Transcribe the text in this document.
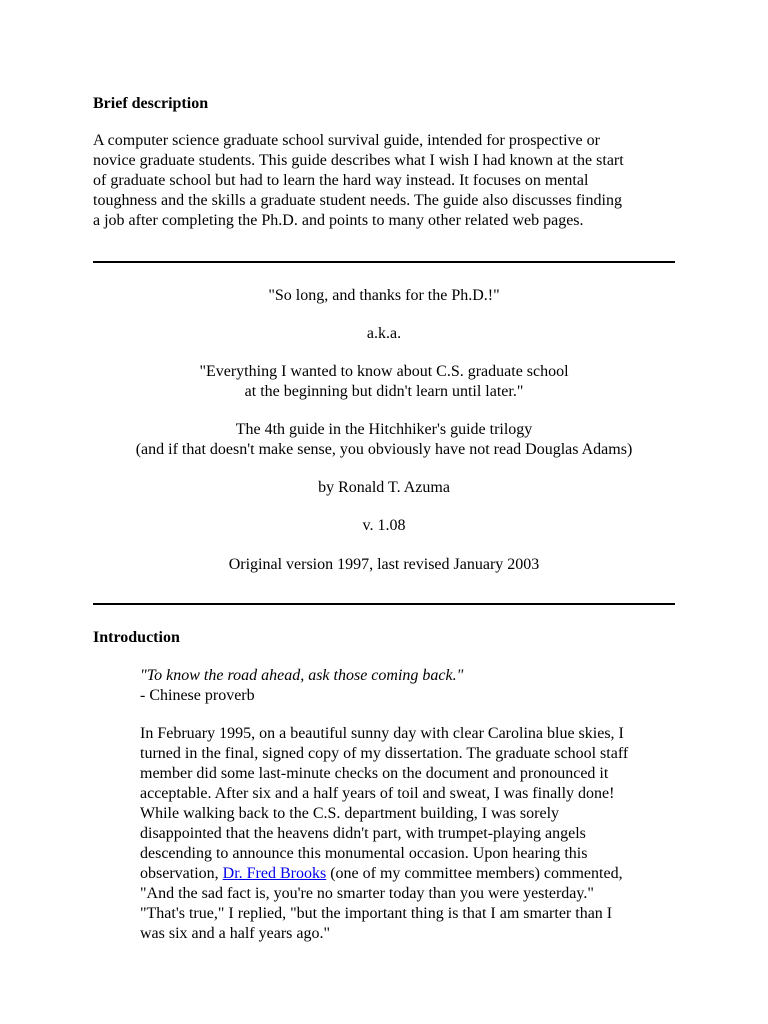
Brief description

A computer science graduate school survival guide, intended for prospective or
novice graduate students. This guide describes what I wish I had known at the start
of graduate school but had to learn the hard way instead. It focuses on mental
toughness and the skills a graduate student needs. The guide also discusses finding
a job after completing the Ph.D. and points to many other related web pages.

"So long, and thanks for the Ph.D.!"

a.k.a.

"Everything I wanted to know about C.S. graduate school
at the beginning but didn't learn until later."
The 4th guide in the Hitchhiker's guide trilogy
(and if that doesn't make sense, you obviously have not read Douglas Adams)

by Ronald T. Azuma

v. 1.08

Original version 1997, last revised January 2003

Introduction

"To know the road ahead, ask those coming back."
- Chinese proverb
In February 1995, on a beautiful sunny day with clear Carolina blue skies, I
turned in the final, signed copy of my dissertation. The graduate school staff
member did some last-minute checks on the document and pronounced it
acceptable. After six and a half years of toil and sweat, I was finally done!
While walking back to the C.S. department building, I was sorely
disappointed that the heavens didn't part, with trumpet-playing angels
descending to announce this monumental occasion. Upon hearing this
observation, Dr. Fred Brooks (one of my committee members) commented,
"And the sad fact is, you're no smarter today than you were yesterday."
"That's true," I replied, "but the important thing is that I am smarter than I
was six and a half years ago."
